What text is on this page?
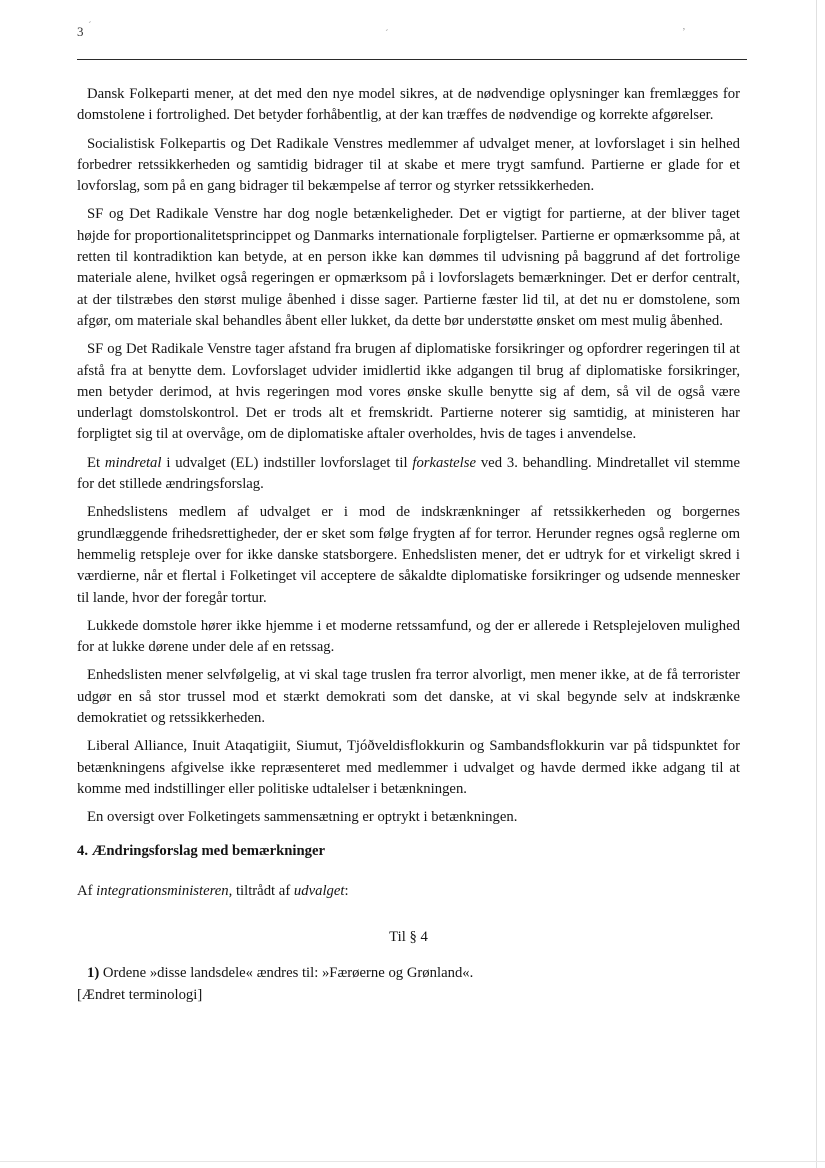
3 ´
´	ʼ

Dansk Folkeparti mener, at det med den nye model sikres, at de nødvendige oplysninger kan fremlægges for domstolene i fortrolighed. Det betyder forhåbentlig, at der kan træffes de nødvendige og korrekte afgørelser.

Socialistisk Folkepartis og Det Radikale Venstres medlemmer af udvalget mener, at lovforslaget i sin helhed forbedrer retssikkerheden og samtidig bidrager til at skabe et mere trygt samfund. Partierne er glade for et lovforslag, som på en gang bidrager til bekæmpelse af terror og styrker retssikkerheden.

SF og Det Radikale Venstre har dog nogle betænkeligheder. Det er vigtigt for partierne, at der bliver taget højde for proportionalitetsprincippet og Danmarks internationale forpligtelser. Partierne er opmærksomme på, at retten til kontradiktion kan betyde, at en person ikke kan dømmes til udvisning på baggrund af det fortrolige materiale alene, hvilket også regeringen er opmærksom på i lovforslagets bemærkninger. Det er derfor centralt, at der tilstræbes den størst mulige åbenhed i disse sager. Partierne fæster lid til, at det nu er domstolene, som afgør, om materiale skal behandles åbent eller lukket, da dette bør understøtte ønsket om mest mulig åbenhed.

SF og Det Radikale Venstre tager afstand fra brugen af diplomatiske forsikringer og opfordrer regeringen til at afstå fra at benytte dem. Lovforslaget udvider imidlertid ikke adgangen til brug af diplomatiske forsikringer, men betyder derimod, at hvis regeringen mod vores ønske skulle benytte sig af dem, så vil de også være underlagt domstolskontrol. Det er trods alt et fremskridt. Partierne noterer sig samtidig, at ministeren har forpligtet sig til at overvåge, om de diplomatiske aftaler overholdes, hvis de tages i anvendelse.

Et mindretal i udvalget (EL) indstiller lovforslaget til forkastelse ved 3. behandling. Mindretallet vil stemme for det stillede ændringsforslag.

Enhedslistens medlem af udvalget er i mod de indskrænkninger af retssikkerheden og borgernes grundlæggende frihedsrettigheder, der er sket som følge frygten af for terror. Herunder regnes også reglerne om hemmelig retspleje over for ikke danske statsborgere. Enhedslisten mener, det er udtryk for et virkeligt skred i værdierne, når et flertal i Folketinget vil acceptere de såkaldte diplomatiske forsikringer og udsende mennesker til lande, hvor der foregår tortur.

Lukkede domstole hører ikke hjemme i et moderne retssamfund, og der er allerede i Retsplejeloven mulighed for at lukke dørene under dele af en retssag.

Enhedslisten mener selvfølgelig, at vi skal tage truslen fra terror alvorligt, men mener ikke, at de få terrorister udgør en så stor trussel mod et stærkt demokrati som det danske, at vi skal begynde selv at indskrænke demokratiet og retssikkerheden.

Liberal Alliance, Inuit Ataqatigiit, Siumut, Tjóðveldisflokkurin og Sambandsflokkurin var på tidspunktet for betænkningens afgivelse ikke repræsenteret med medlemmer i udvalget og havde dermed ikke adgang til at komme med indstillinger eller politiske udtalelser i betænkningen.

En oversigt over Folketingets sammensætning er optrykt i betænkningen.

4. Ændringsforslag med bemærkninger

Af integrationsministeren, tiltrådt af udvalget:

Til § 4

1) Ordene »disse landsdele« ændres til: »Færøerne og Grønland«.

[Ændret terminologi]
